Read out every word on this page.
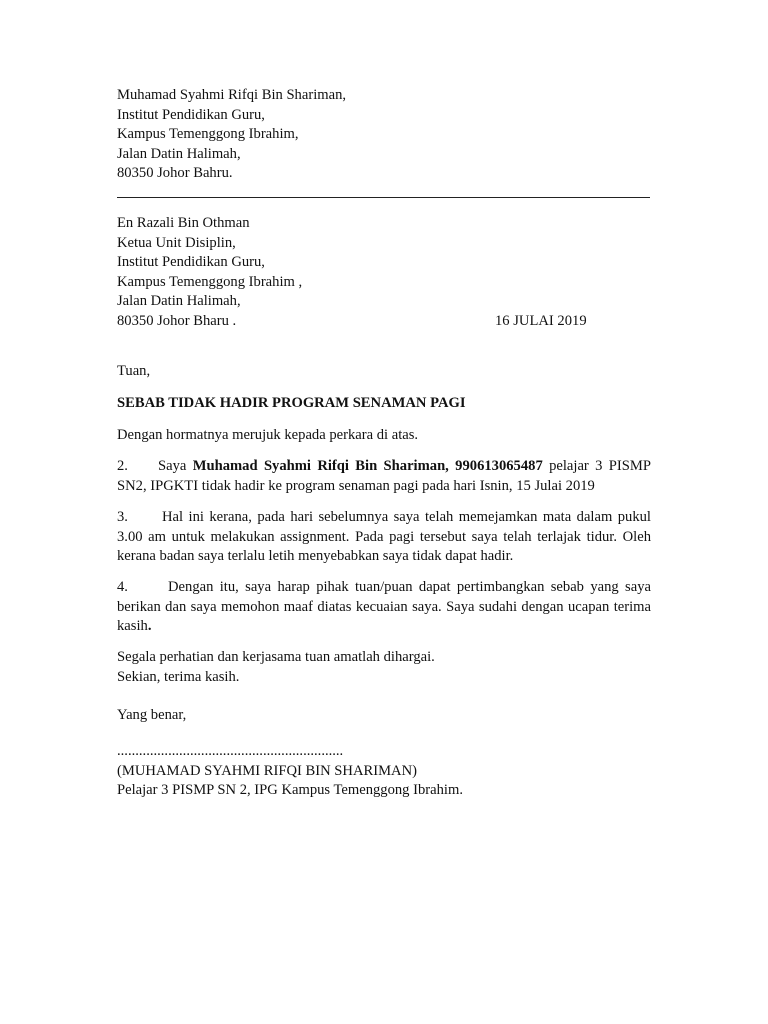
Muhamad Syahmi Rifqi Bin Shariman,
Institut Pendidikan Guru,
Kampus Temenggong Ibrahim,
Jalan Datin Halimah,
80350 Johor Bahru.
En Razali Bin Othman
Ketua Unit Disiplin,
Institut Pendidikan Guru,
Kampus Temenggong Ibrahim ,
Jalan Datin Halimah,
80350 Johor Bharu .	16 JULAI 2019
Tuan,
SEBAB TIDAK HADIR PROGRAM SENAMAN PAGI
Dengan hormatnya merujuk kepada perkara di atas.
2. Saya Muhamad Syahmi Rifqi Bin Shariman, 990613065487 pelajar 3 PISMP SN2, IPGKTI tidak hadir ke program senaman pagi pada hari Isnin, 15 Julai 2019
3. Hal ini kerana, pada hari sebelumnya saya telah memejamkan mata dalam pukul 3.00 am untuk melakukan assignment. Pada pagi tersebut saya telah terlajak tidur. Oleh kerana badan saya terlalu letih menyebabkan saya tidak dapat hadir.
4.	Dengan itu, saya harap pihak tuan/puan dapat pertimbangkan sebab yang saya berikan dan saya memohon maaf diatas kecuaian saya. Saya sudahi dengan ucapan terima kasih.
Segala perhatian dan kerjasama tuan amatlah dihargai.
Sekian, terima kasih.
Yang benar,
..............................................................
(MUHAMAD SYAHMI RIFQI BIN SHARIMAN)
Pelajar 3 PISMP SN 2, IPG Kampus Temenggong Ibrahim.
